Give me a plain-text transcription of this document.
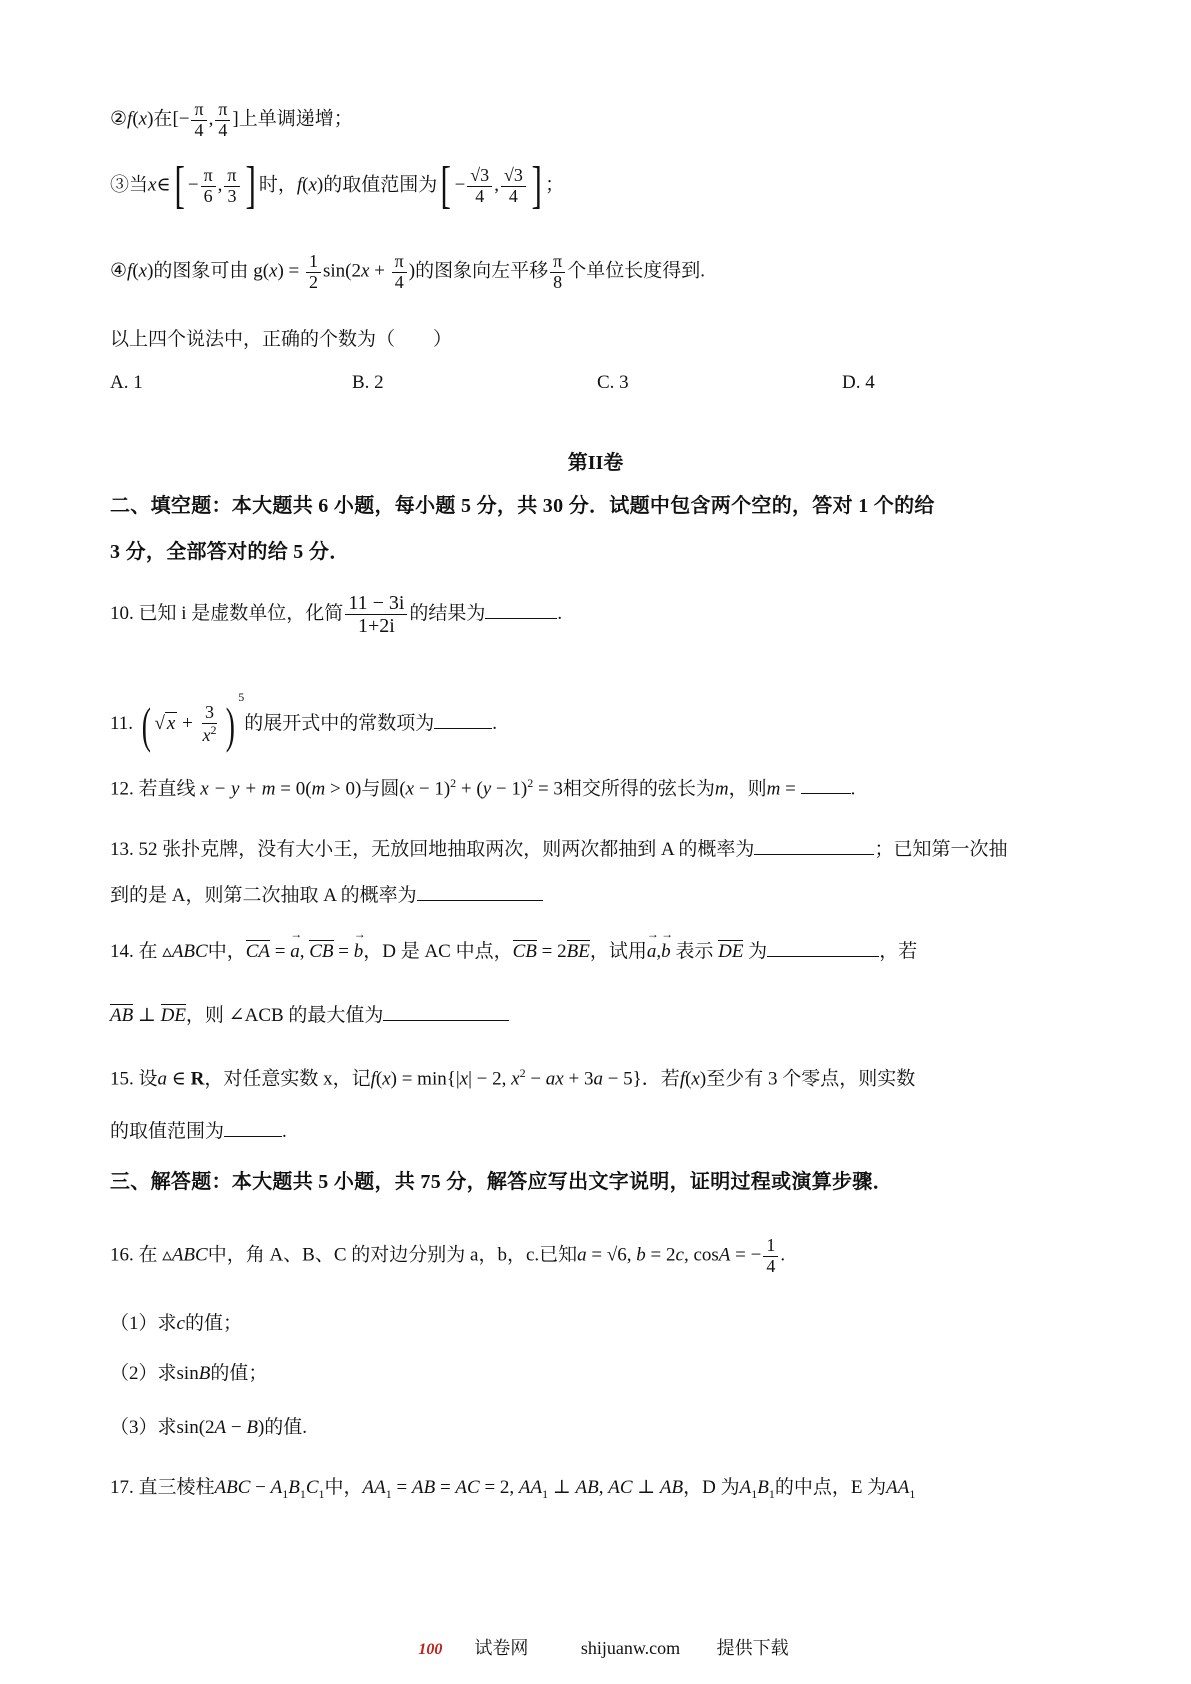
②f(x)在[− $\frac{\pi}{4}$ , $\frac{\pi}{4}$ ]上单调递增；
③当x∈[ − $\frac{\pi}{6}$ , $\frac{\pi}{3}$ ] 时，f(x)的取值范围为[ − $\frac{√3}{4}$ , $\frac{√3}{4}$ ] ；
④f(x)的图象可由 $g(x) = \frac{1}{2} \sin(2x + \frac{\pi}{4}$ )的图象向左平移 $\frac{\pi}{8}$ 个单位长度得到.
以上四个说法中，正确的个数为（　　）
A. 1	B. 2	C. 3	D. 4
第II卷
二、填空题：本大题共 6 小题，每小题 5 分，共 30 分．试题中包含两个空的，答对 1 个的给
3 分，全部答对的给 5 分．
10. 已知 i 是虚数单位，化简 $\frac{11 - 3i}{1+2i}$ 的结果为	.
11. ( √ $x + \frac{3}{x^2}$ ) $^5$的展开式中的常数项为	.
12. 若直线 x − y + m = 0(m > 0)与圆$(x - 1)^2 + (y - 1)^2 = 3$相交所得的弦长为m，则m =	.
13. 52 张扑克牌，没有大小王，无放回地抽取两次，则两次都抽到 A 的概率为	；已知第一次抽
到的是 A，则第二次抽取 A 的概率为
14. 在 ▵ABC中，CA = → a, CB = → b，D 是 AC 中点，CB = 2BE，试用→ a,→ b 表示 DE 为	，若
AB ⊥ DE，则 ∠ACB 的最大值为
15. 设a ∈ R，对任意实数 x，记f(x) = min{|x| − 2, $x^2$ − ax + 3a − 5}．若f(x)至少有 3 个零点，则实数
的取值范围为	.
三、解答题：本大题共 5 小题，共 75 分，解答应写出文字说明，证明过程或演算步骤．
16. 在 ▵ABC中，角 A、B、C 的对边分别为 a，b，c.已知a = √6, b = 2c, cosA = − $\frac{1}{4}$ .
（1）求c的值；
（2）求sinB的值；
（3）求sin(2A − B)的值.
17. 直三棱柱ABC − $A_1B_1C_1$中，$AA_1$ = AB = AC = 2, $AA_1$ ⊥ AB, AC ⊥ AB，D 为$A_1B_1$的中点，E 为$AA_1$
100 试卷网	shijuanw.com 提供下载
